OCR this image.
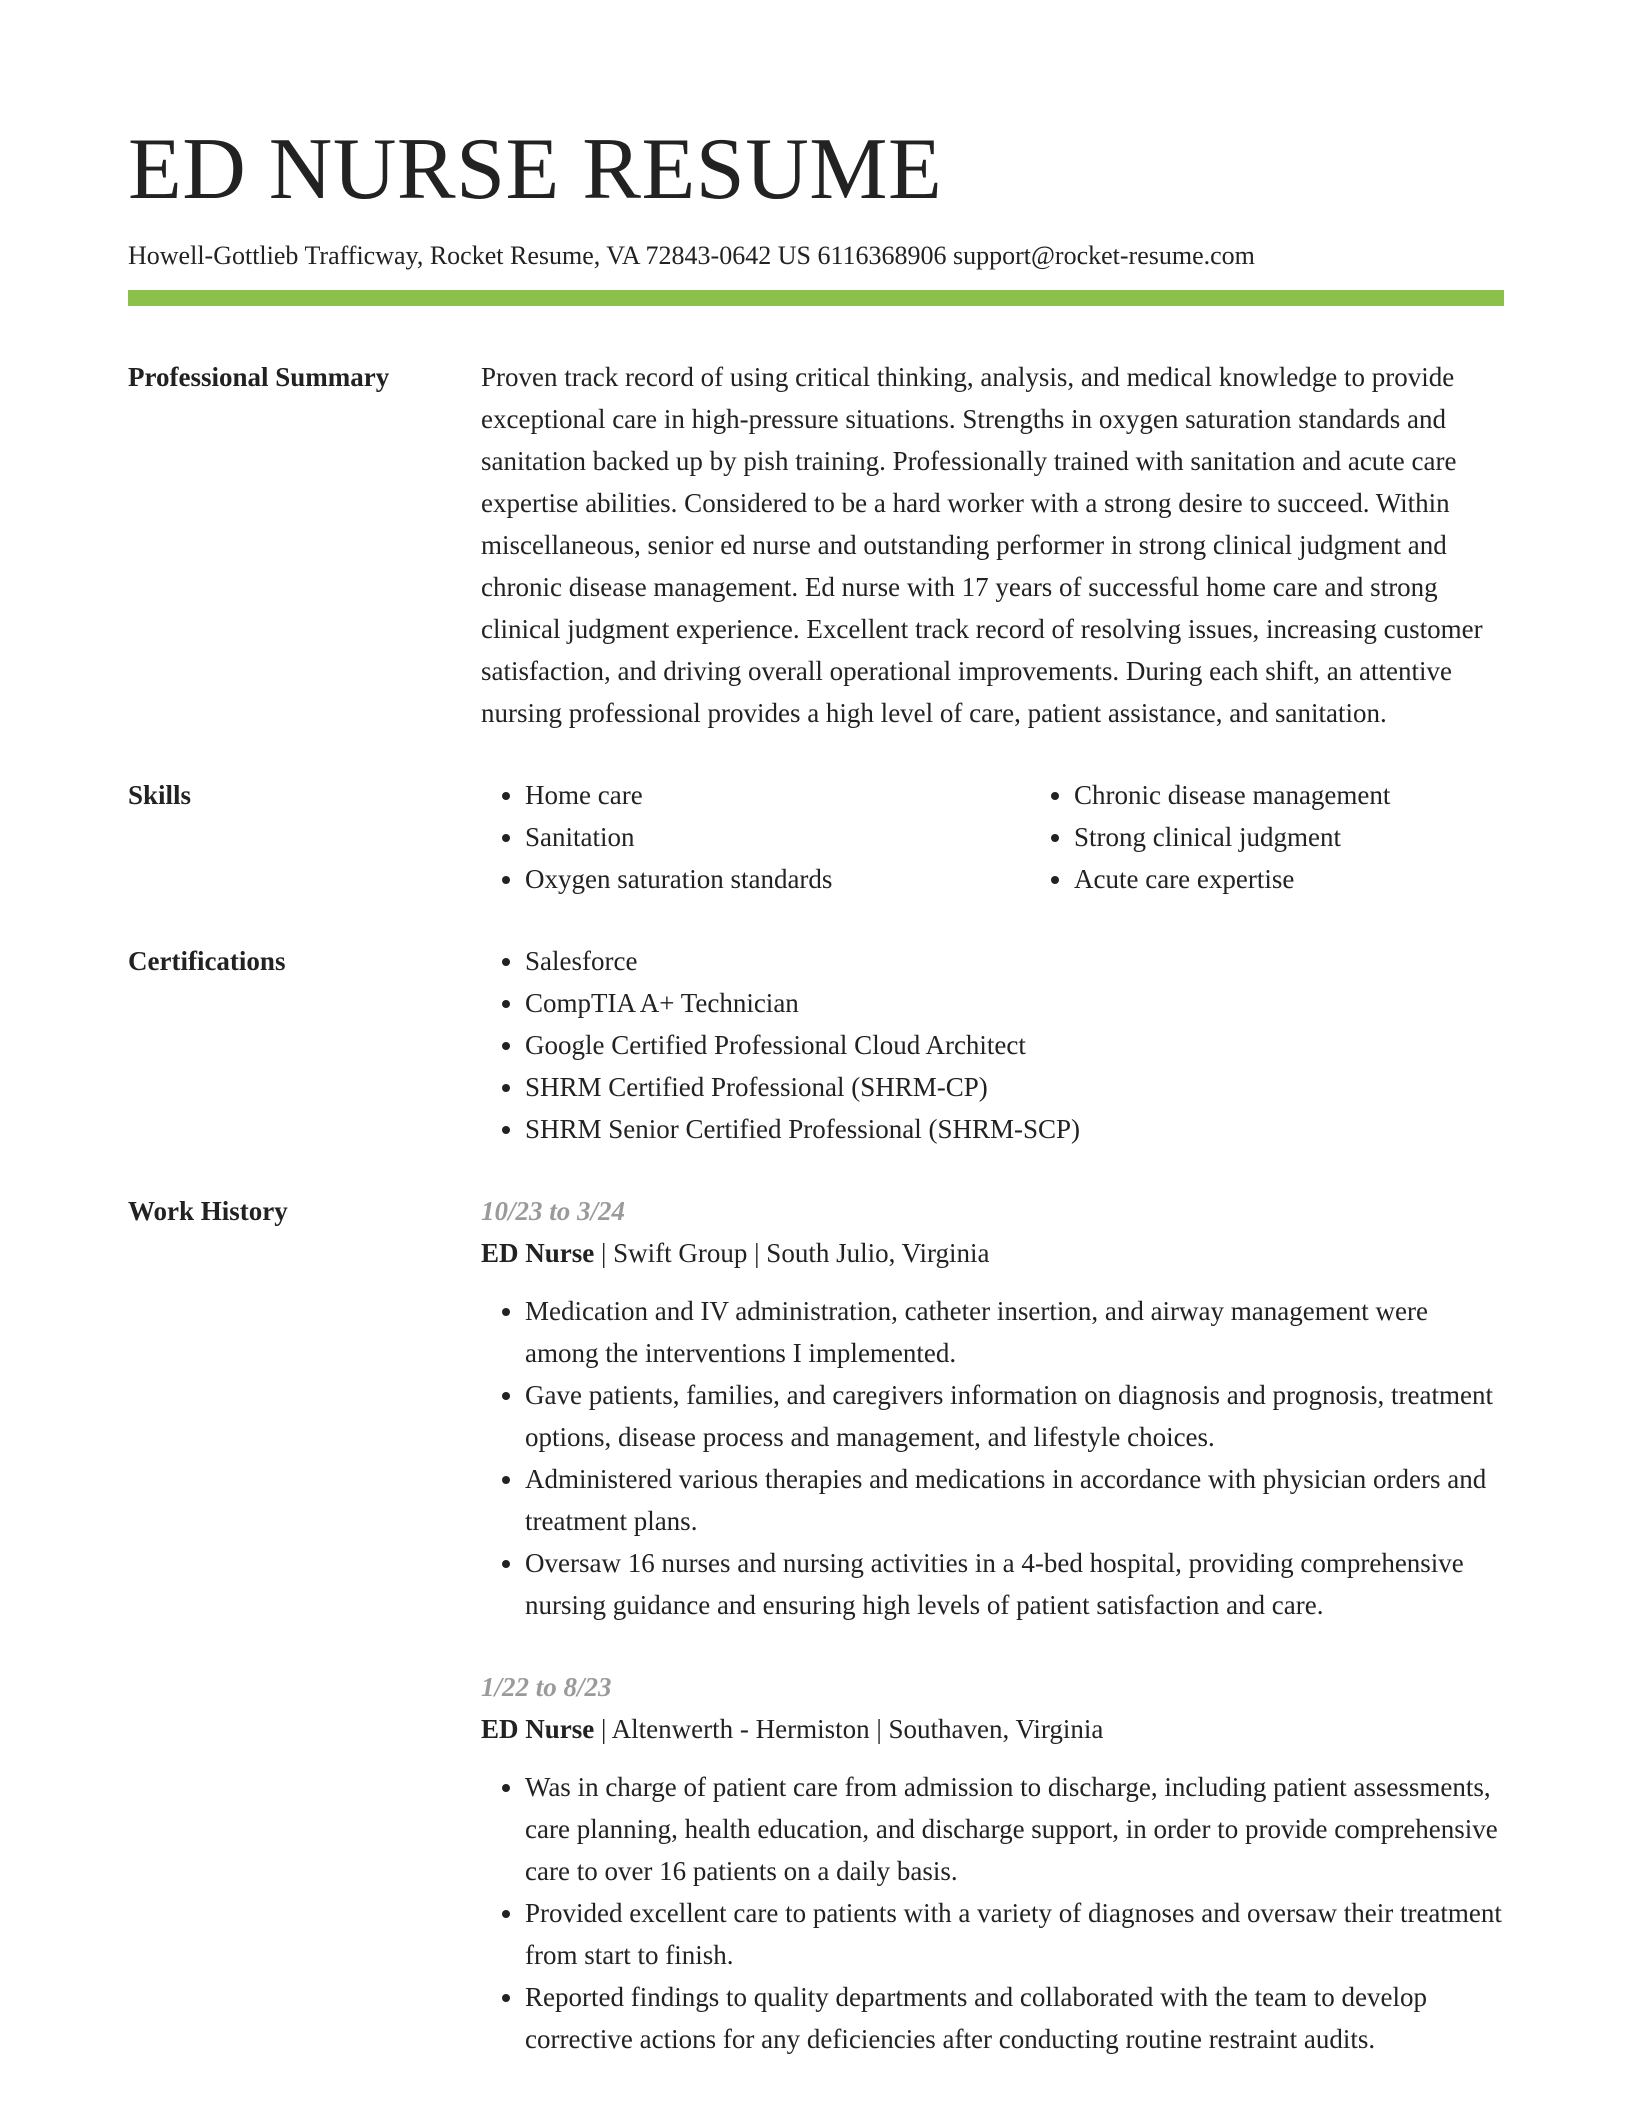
ED NURSE RESUME
Howell-Gottlieb Trafficway, Rocket Resume, VA 72843-0642 US 6116368906 support@rocket-resume.com
Professional Summary	Proven track record of using critical thinking, analysis, and medical knowledge to provide exceptional care in high-pressure situations. Strengths in oxygen saturation standards and sanitation backed up by pish training. Professionally trained with sanitation and acute care expertise abilities. Considered to be a hard worker with a strong desire to succeed. Within miscellaneous, senior ed nurse and outstanding performer in strong clinical judgment and chronic disease management. Ed nurse with 17 years of successful home care and strong clinical judgment experience. Excellent track record of resolving issues, increasing customer satisfaction, and driving overall operational improvements. During each shift, an attentive nursing professional provides a high level of care, patient assistance, and sanitation.

Skills	• Home care
• Sanitation
• Oxygen saturation standards
• Chronic disease management
• Strong clinical judgment
• Acute care expertise
Certifications	• Salesforce
• CompTIA A+ Technician
• Google Certified Professional Cloud Architect
• SHRM Certified Professional (SHRM-CP)
• SHRM Senior Certified Professional (SHRM-SCP)
Work History	10/23 to 3/24
ED Nurse | Swift Group | South Julio, Virginia
• Medication and IV administration, catheter insertion, and airway management were among the interventions I implemented.
• Gave patients, families, and caregivers information on diagnosis and prognosis, treatment options, disease process and management, and lifestyle choices.
• Administered various therapies and medications in accordance with physician orders and treatment plans.
• Oversaw 16 nurses and nursing activities in a 4-bed hospital, providing comprehensive nursing guidance and ensuring high levels of patient satisfaction and care.
1/22 to 8/23
ED Nurse | Altenwerth - Hermiston | Southaven, Virginia
• Was in charge of patient care from admission to discharge, including patient assessments, care planning, health education, and discharge support, in order to provide comprehensive care to over 16 patients on a daily basis.
• Provided excellent care to patients with a variety of diagnoses and oversaw their treatment from start to finish.
• Reported findings to quality departments and collaborated with the team to develop corrective actions for any deficiencies after conducting routine restraint audits.
